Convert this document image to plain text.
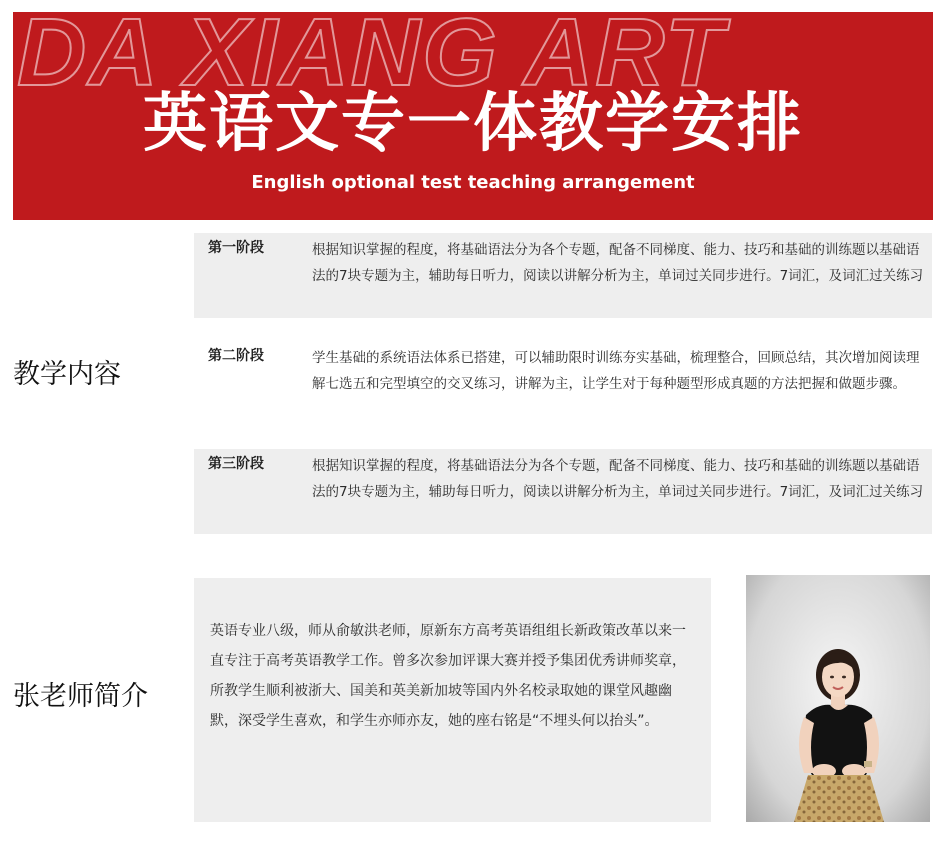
DA XIANG ART
英语文专一体教学安排
English optional test teaching arrangement
教学内容
第一阶段	根据知识掌握的程度，将基础语法分为各个专题，配备不同梯度、能力、技巧和基础的训练题以基础语法的7块专题为主，辅助每日听力，阅读以讲解分析为主，单词过关同步进行。7词汇，及词汇过关练习
第二阶段	学生基础的系统语法体系已搭建，可以辅助限时训练夯实基础，梳理整合，回顾总结，其次增加阅读理解七选五和完型填空的交叉练习，讲解为主，让学生对于每种题型形成真题的方法把握和做题步骤。
第三阶段	根据知识掌握的程度，将基础语法分为各个专题，配备不同梯度、能力、技巧和基础的训练题以基础语法的7块专题为主，辅助每日听力，阅读以讲解分析为主，单词过关同步进行。7词汇，及词汇过关练习
张老师简介
英语专业八级，师从俞敏洪老师，原新东方高考英语组组长新政策改革以来一直专注于高考英语教学工作。曾多次参加评课大赛并授予集团优秀讲师奖章，所教学生顺利被浙大、国美和英美新加坡等国内外名校录取她的课堂风趣幽默，深受学生喜欢，和学生亦师亦友，她的座右铭是“不埋头何以抬头”。
